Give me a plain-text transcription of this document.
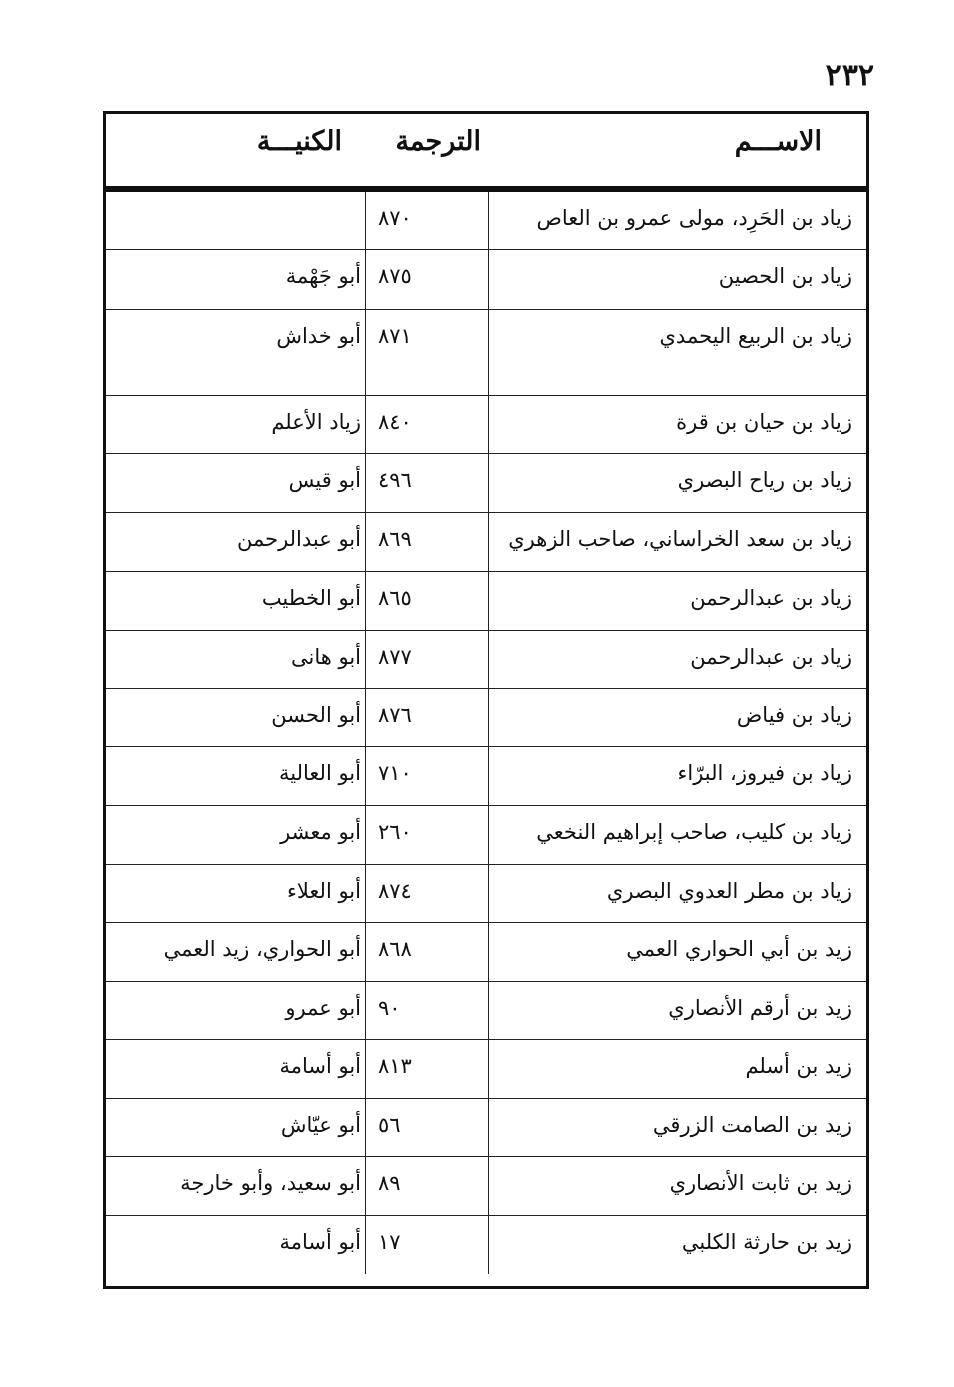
٢٣٢
الاســـم
الترجمة
الكنيـــة
زياد بن الحَرِد، مولى عمرو بن العاص
٨٧٠
زياد بن الحصين
٨٧٥
أبو جَهْمة
زياد بن الربيع اليحمدي
٨٧١
أبو خداش
زياد بن حيان بن قرة
٨٤٠
زياد الأعلم
زياد بن رياح البصري
٤٩٦
أبو قيس
زياد بن سعد الخراساني، صاحب الزهري
٨٦٩
أبو عبدالرحمن
زياد بن عبدالرحمن
٨٦٥
أبو الخطيب
زياد بن عبدالرحمن
٨٧٧
أبو هانى
زياد بن فياض
٨٧٦
أبو الحسن
زياد بن فيروز، البرّاء
٧١٠
أبو العالية
زياد بن كليب، صاحب إبراهيم النخعي
٢٦٠
أبو معشر
زياد بن مطر العدوي البصري
٨٧٤
أبو العلاء
زيد بن أبي الحواري العمي
٨٦٨
أبو الحواري، زيد العمي
زيد بن أرقم الأنصاري
٩٠
أبو عمرو
زيد بن أسلم
٨١٣
أبو أسامة
زيد بن الصامت الزرقي
٥٦
أبو عيّاش
زيد بن ثابت الأنصاري
٨٩
أبو سعيد، وأبو خارجة
زيد بن حارثة الكلبي
١٧
أبو أسامة
